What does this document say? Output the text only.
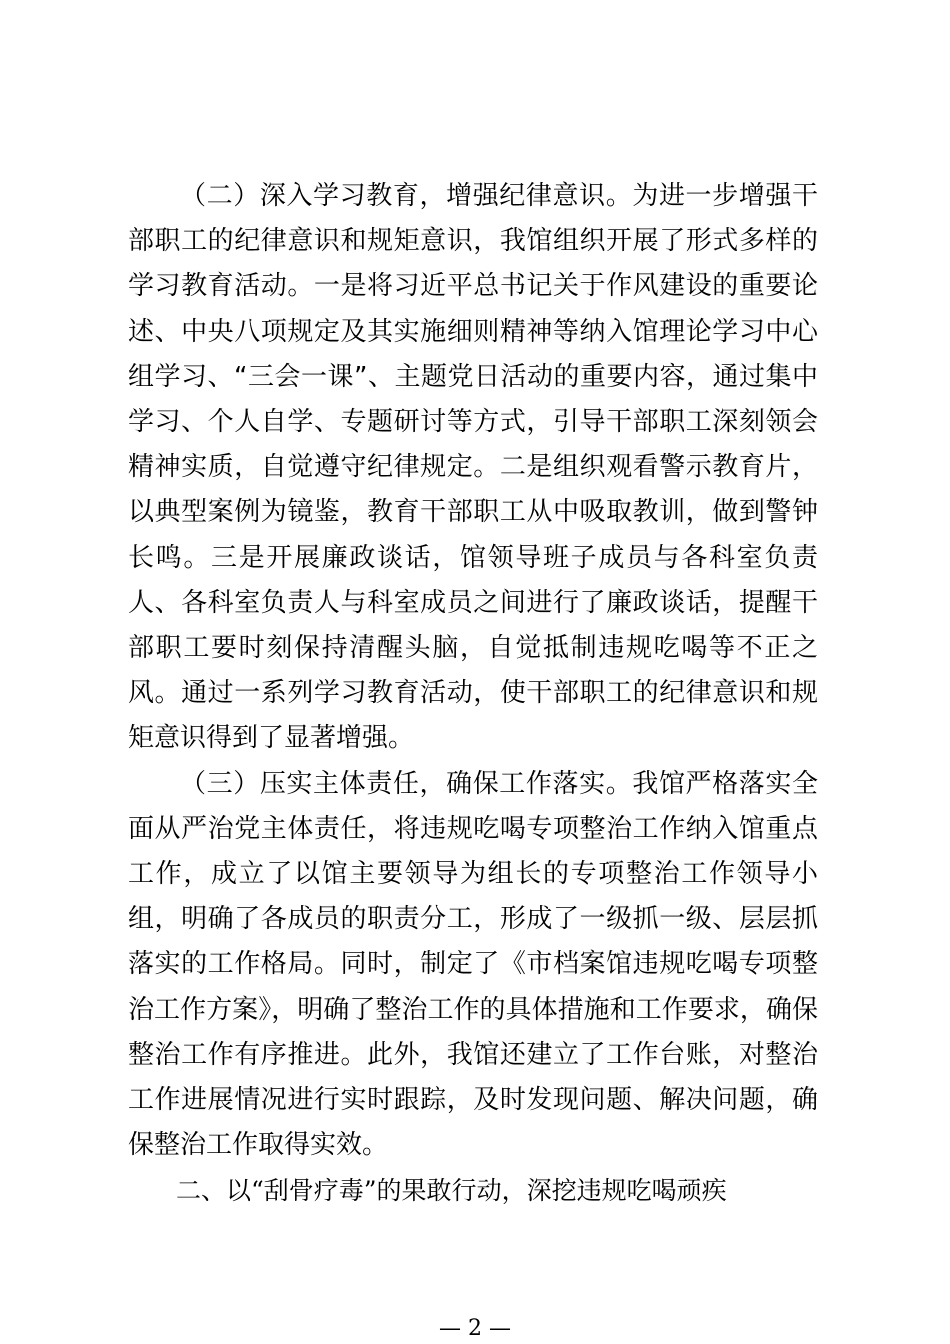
（二）深入学习教育，增强纪律意识。为进一步增强干部职工的纪律意识和规矩意识，我馆组织开展了形式多样的学习教育活动。一是将习近平总书记关于作风建设的重要论述、中央八项规定及其实施细则精神等纳入馆理论学习中心组学习、“三会一课”、主题党日活动的重要内容，通过集中学习、个人自学、专题研讨等方式，引导干部职工深刻领会精神实质，自觉遵守纪律规定。二是组织观看警示教育片，以典型案例为镜鉴，教育干部职工从中吸取教训，做到警钟长鸣。三是开展廉政谈话，馆领导班子成员与各科室负责人、各科室负责人与科室成员之间进行了廉政谈话，提醒干部职工要时刻保持清醒头脑，自觉抵制违规吃喝等不正之风。通过一系列学习教育活动，使干部职工的纪律意识和规矩意识得到了显著增强。

（三）压实主体责任，确保工作落实。我馆严格落实全面从严治党主体责任，将违规吃喝专项整治工作纳入馆重点工作，成立了以馆主要领导为组长的专项整治工作领导小组，明确了各成员的职责分工，形成了一级抓一级、层层抓落实的工作格局。同时，制定了《市档案馆违规吃喝专项整治工作方案》，明确了整治工作的具体措施和工作要求，确保整治工作有序推进。此外，我馆还建立了工作台账，对整治工作进展情况进行实时跟踪，及时发现问题、解决问题，确保整治工作取得实效。

二、以“刮骨疗毒”的果敢行动，深挖违规吃喝顽疾

— 2 —
